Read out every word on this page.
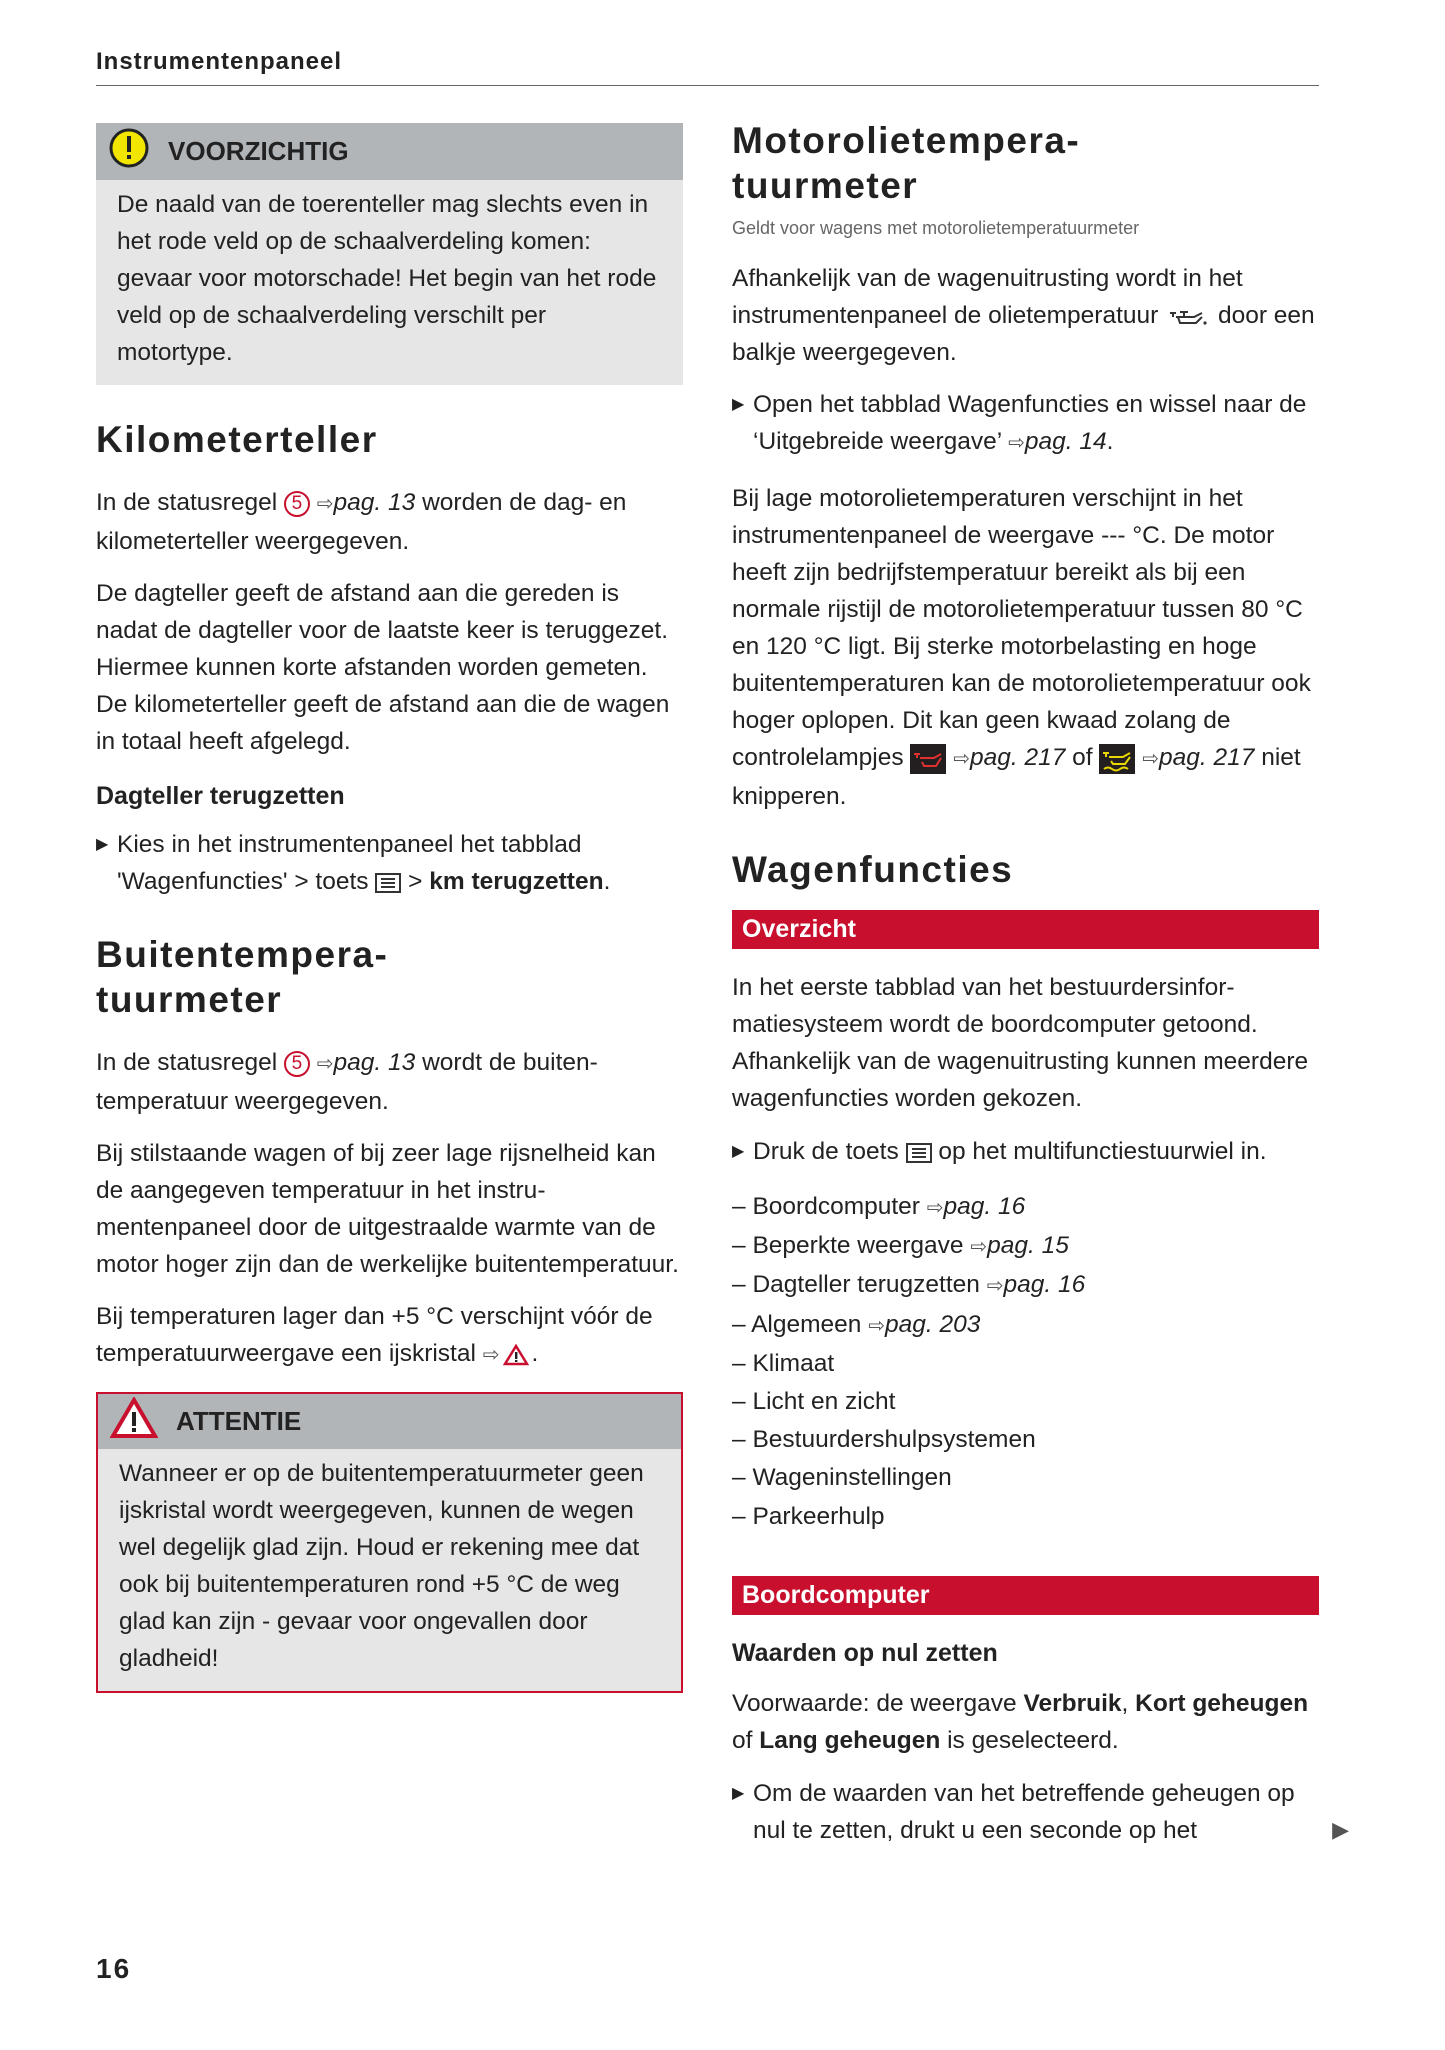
Instrumentenpaneel
VOORZICHTIG

De naald van de toerenteller mag slechts even in het rode veld op de schaalverdeling komen: gevaar voor motorschade! Het begin van het rode veld op de schaalverdeling verschilt per motortype.

Kilometerteller

In de statusregel 5 ⇨pag. 13 worden de dag- en kilometerteller weergegeven.

De dagteller geeft de afstand aan die gereden is nadat de dagteller voor de laatste keer is teruggezet. Hiermee kunnen korte afstanden worden gemeten. De kilometerteller geeft de afstand aan die de wagen in totaal heeft afgelegd.

Dagteller terugzetten

▶ Kies in het instrumentenpaneel het tabblad 'Wagenfuncties' > toets > km terugzetten.

Buitentempera-
tuurmeter

In de statusregel 5 ⇨pag. 13 wordt de buitentemperatuur weergegeven.

Bij stilstaande wagen of bij zeer lage rijsnelheid kan de aangegeven temperatuur in het instrumentenpaneel door de uitgestraalde warmte van de motor hoger zijn dan de werkelijke buitentemperatuur.

Bij temperaturen lager dan +5 °C verschijnt vóór de temperatuurweergave een ijskristal ⇨ .

ATTENTIE

Wanneer er op de buitentemperatuurmeter geen ijskristal wordt weergegeven, kunnen de wegen wel degelijk glad zijn. Houd er rekening mee dat ook bij buitentemperaturen rond +5 °C de weg glad kan zijn - gevaar voor ongevallen door gladheid!

16
Motorolietempera-
tuurmeter
Geldt voor wagens met motorolietemperatuurmeter

Afhankelijk van de wagenuitrusting wordt in het instrumentenpaneel de olietemperatuur door een balkje weergegeven.

▶ Open het tabblad Wagenfuncties en wissel naar de ‘Uitgebreide weergave’ ⇨pag. 14.

Bij lage motorolietemperaturen verschijnt in het instrumentenpaneel de weergave --- °C. De motor heeft zijn bedrijfstemperatuur bereikt als bij een normale rijstijl de motorolietemperatuur tussen 80 °C en 120 °C ligt. Bij sterke motorbelasting en hoge buitentemperaturen kan de motorolietemperatuur ook hoger oplopen. Dit kan geen kwaad zolang de controlelampjes ⇨pag. 217 of ⇨pag. 217 niet knipperen.

Wagenfuncties
Overzicht

In het eerste tabblad van het bestuurdersinformatiesysteem wordt de boordcomputer getoond. Afhankelijk van de wagenuitrusting kunnen meerdere wagenfuncties worden gekozen.

▶ Druk de toets op het multifunctiestuurwiel in.

– Boordcomputer ⇨pag. 16
– Beperkte weergave ⇨pag. 15
– Dagteller terugzetten ⇨pag. 16
– Algemeen ⇨pag. 203
– Klimaat
– Licht en zicht
– Bestuurdershulpsystemen
– Wageninstellingen
– Parkeerhulp
Boordcomputer
Waarden op nul zetten

Voorwaarde: de weergave Verbruik, Kort geheugen of Lang geheugen is geselecteerd.

▶ Om de waarden van het betreffende geheugen op nul te zetten, drukt u een seconde op het	▶
